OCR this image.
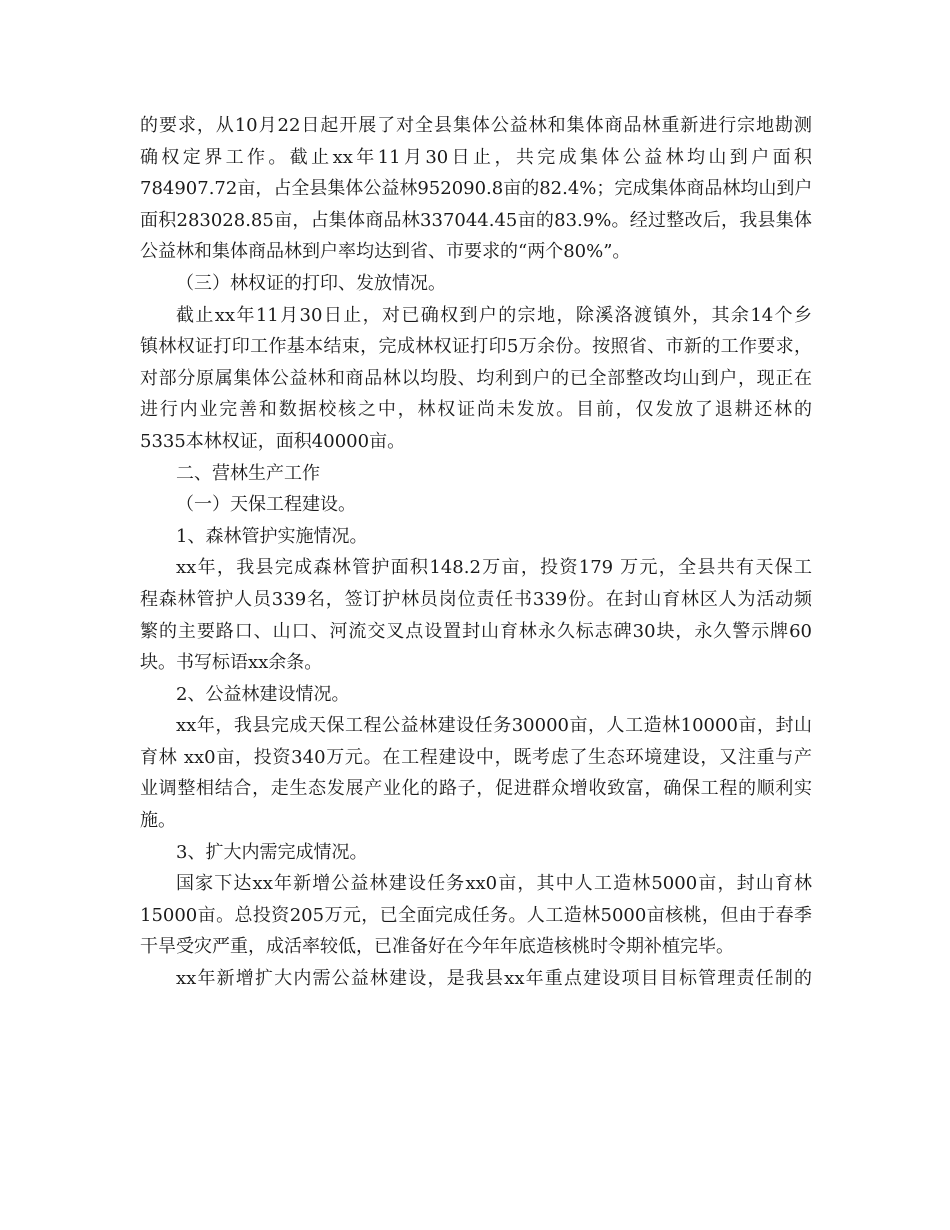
的要求，从10月22日起开展了对全县集体公益林和集体商品林重新进行宗地勘测
确权定界工作。截止xx年11月30日止，共完成集体公益林均山到户面积
784907.72亩，占全县集体公益林952090.8亩的82.4%；完成集体商品林均山到户
面积283028.85亩，占集体商品林337044.45亩的83.9%。经过整改后，我县集体
公益林和集体商品林到户率均达到省、市要求的“两个80%”。
（三）林权证的打印、发放情况。
截止xx年11月30日止，对已确权到户的宗地，除溪洛渡镇外，其余14个乡
镇林权证打印工作基本结束，完成林权证打印5万余份。按照省、市新的工作要求，
对部分原属集体公益林和商品林以均股、均利到户的已全部整改均山到户，现正在
进行内业完善和数据校核之中，林权证尚未发放。目前，仅发放了退耕还林的
5335本林权证，面积40000亩。
二、营林生产工作
（一）天保工程建设。
1、森林管护实施情况。
xx年，我县完成森林管护面积148.2万亩，投资179 万元，全县共有天保工
程森林管护人员339名，签订护林员岗位责任书339份。在封山育林区人为活动频
繁的主要路口、山口、河流交叉点设置封山育林永久标志碑30块，永久警示牌60
块。书写标语xx余条。
2、公益林建设情况。
xx年，我县完成天保工程公益林建设任务30000亩，人工造林10000亩，封山
育林 xx0亩，投资340万元。在工程建设中，既考虑了生态环境建设，又注重与产
业调整相结合，走生态发展产业化的路子，促进群众增收致富，确保工程的顺利实
施。
3、扩大内需完成情况。
国家下达xx年新增公益林建设任务xx0亩，其中人工造林5000亩，封山育林
15000亩。总投资205万元，已全面完成任务。人工造林5000亩核桃，但由于春季
干旱受灾严重，成活率较低，已准备好在今年年底造核桃时令期补植完毕。
xx年新增扩大内需公益林建设，是我县xx年重点建设项目目标管理责任制的
